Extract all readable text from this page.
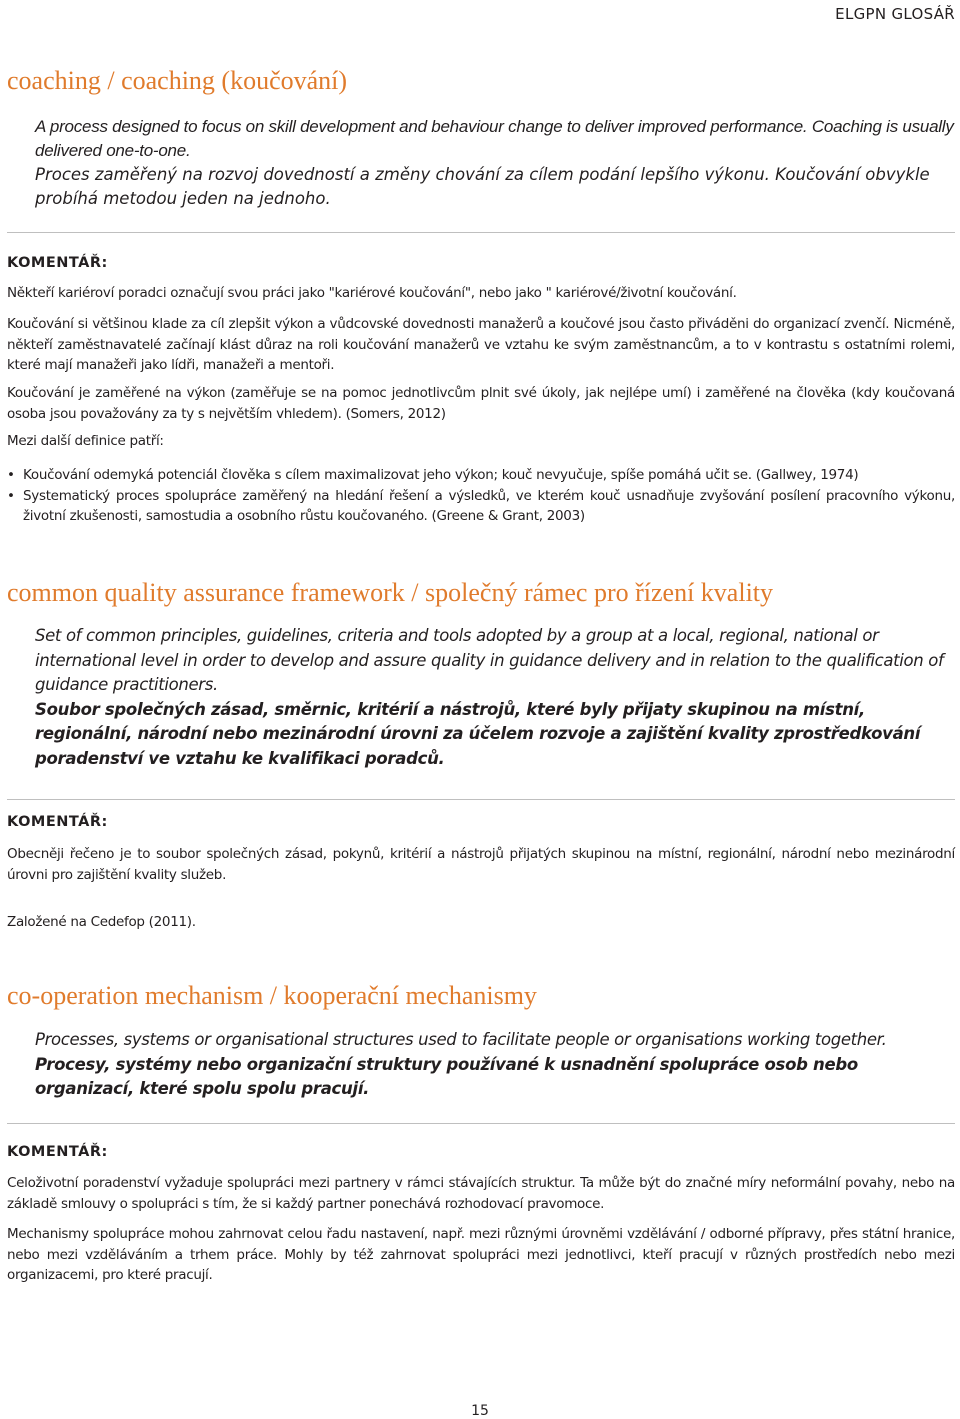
ELGPN GLOSÁŘ
coaching / coaching (koučování)
A process designed to focus on skill development and behaviour change to deliver improved performance. Coaching is usually delivered one-to-one.
Proces zaměřený na rozvoj dovedností a změny chování za cílem podání lepšího výkonu. Koučování obvykle probíhá metodou jeden na jednoho.
KOMENTÁŘ:

Někteří kariéroví poradci označují svou práci jako "kariérové koučování", nebo jako " kariérové/životní koučování.

Koučování si většinou klade za cíl zlepšit výkon a vůdcovské dovednosti manažerů a koučové jsou často přiváděni do organizací zvenčí. Nicméně, někteří zaměstnavatelé začínají klást důraz na roli koučování manažerů ve vztahu ke svým zaměstnancům, a to v kontrastu s ostatními rolemi, které mají manažeři jako lídři, manažeři a mentoři.

Koučování je zaměřené na výkon (zaměřuje se na pomoc jednotlivcům plnit své úkoly, jak nejlépe umí) i zaměřené na člověka (kdy koučovaná osoba jsou považovány za ty s největším vhledem). (Somers, 2012)

Mezi další definice patří:

• Koučování odemyká potenciál člověka s cílem maximalizovat jeho výkon; kouč nevyučuje, spíše pomáhá učit se. (Gallwey, 1974)
• Systematický proces spolupráce zaměřený na hledání řešení a výsledků, ve kterém kouč usnadňuje zvyšování posílení pracovního výkonu, životní zkušenosti, samostudia a osobního růstu koučovaného. (Greene & Grant, 2003)
common quality assurance framework / společný rámec pro řízení kvality
Set of common principles, guidelines, criteria and tools adopted by a group at a local, regional, national or international level in order to develop and assure quality in guidance delivery and in relation to the qualification of guidance practitioners.
Soubor společných zásad, směrnic, kritérií a nástrojů, které byly přijaty skupinou na místní, regionální, národní nebo mezinárodní úrovni za účelem rozvoje a zajištění kvality zprostředkování poradenství ve vztahu ke kvalifikaci poradců.
KOMENTÁŘ:

Obecněji řečeno je to soubor společných zásad, pokynů, kritérií a nástrojů přijatých skupinou na místní, regionální, národní nebo mezinárodní úrovni pro zajištění kvality služeb.

Založené na Cedefop (2011).

co-operation mechanism / kooperační mechanismy
Processes, systems or organisational structures used to facilitate people or organisations working together.
Procesy, systémy nebo organizační struktury používané k usnadnění spolupráce osob nebo organizací, které spolu spolu pracují.
KOMENTÁŘ:

Celoživotní poradenství vyžaduje spolupráci mezi partnery v rámci stávajících struktur. Ta může být do značné míry neformální povahy, nebo na základě smlouvy o spolupráci s tím, že si každý partner ponechává rozhodovací pravomoce.

Mechanismy spolupráce mohou zahrnovat celou řadu nastavení, např. mezi různými úrovněmi vzdělávání / odborné přípravy, přes státní hranice, nebo mezi vzděláváním a trhem práce. Mohly by též zahrnovat spolupráci mezi jednotlivci, kteří pracují v různých prostředích nebo mezi organizacemi, pro které pracují.

15
